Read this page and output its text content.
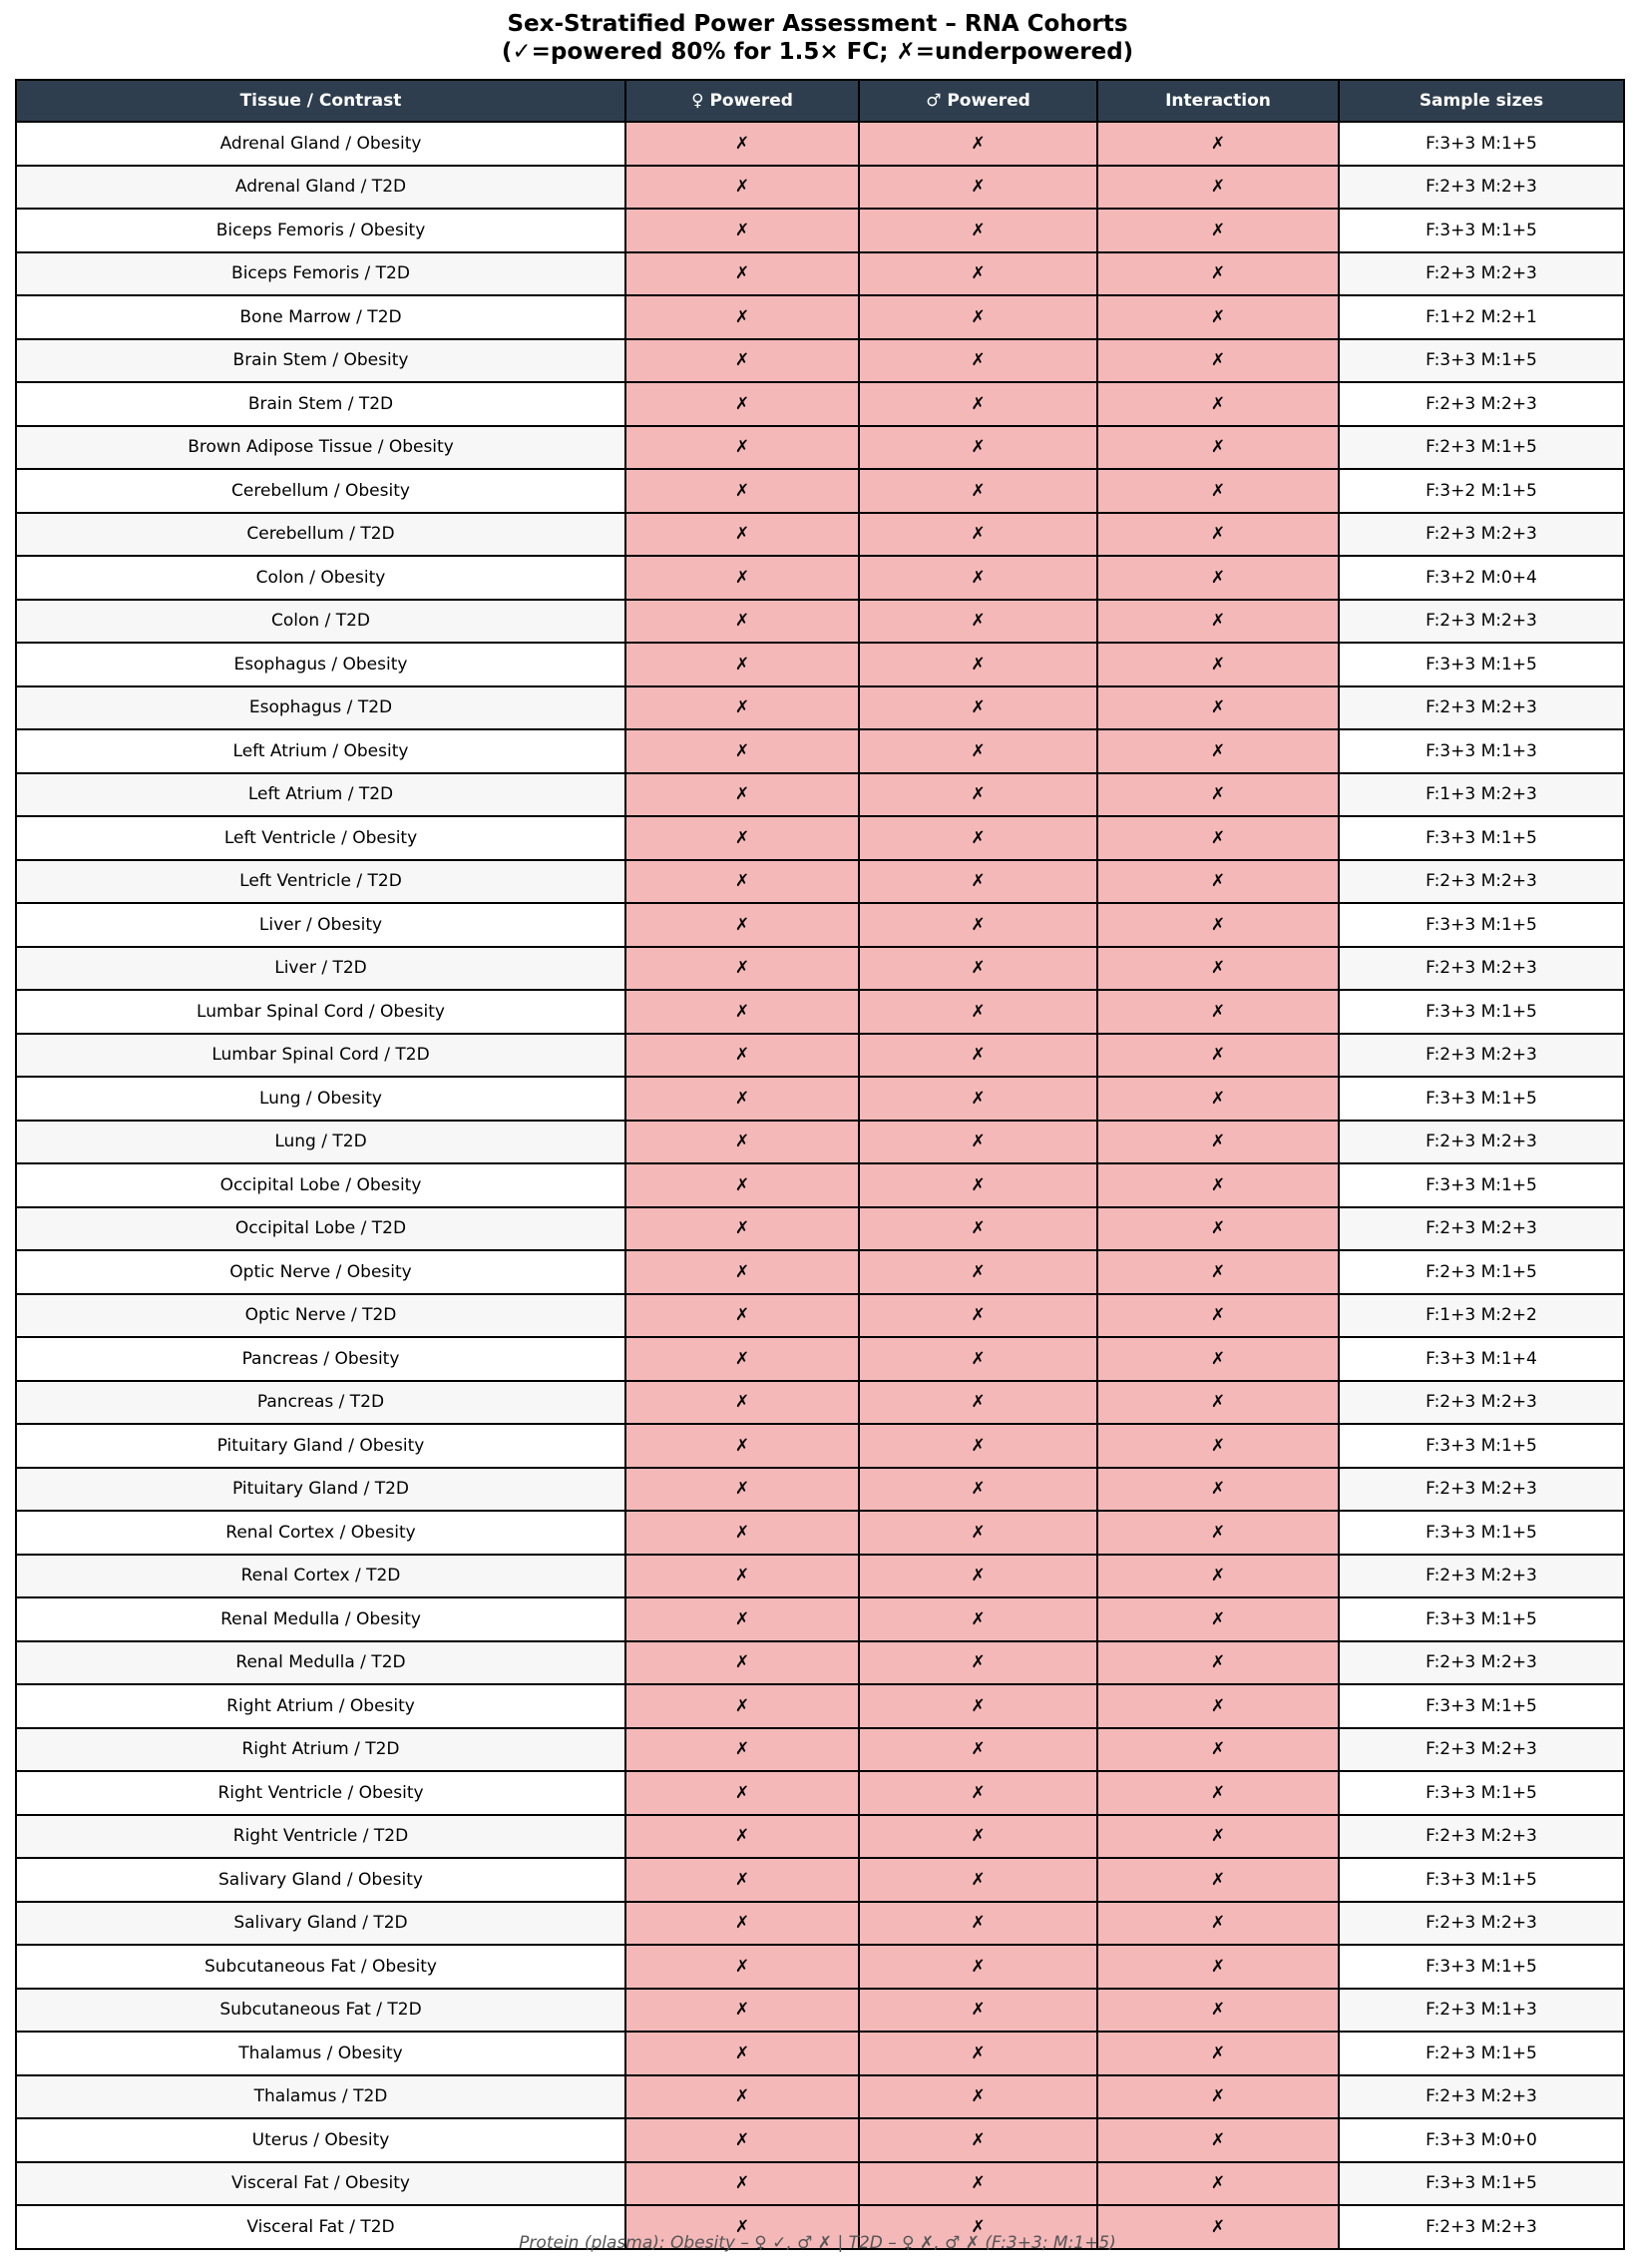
Sex-Stratified Power Assessment – RNA Cohorts
(✓=powered 80% for 1.5× FC; ✗=underpowered)
Tissue / Contrast	♀ Powered	♂ Powered	Interaction	Sample sizes
Adrenal Gland / Obesity	✗	✗	✗	F:3+3 M:1+5
Adrenal Gland / T2D	✗	✗	✗	F:2+3 M:2+3
Biceps Femoris / Obesity	✗	✗	✗	F:3+3 M:1+5
Biceps Femoris / T2D	✗	✗	✗	F:2+3 M:2+3
Bone Marrow / T2D	✗	✗	✗	F:1+2 M:2+1
Brain Stem / Obesity	✗	✗	✗	F:3+3 M:1+5
Brain Stem / T2D	✗	✗	✗	F:2+3 M:2+3
Brown Adipose Tissue / Obesity	✗	✗	✗	F:2+3 M:1+5
Cerebellum / Obesity	✗	✗	✗	F:3+2 M:1+5
Cerebellum / T2D	✗	✗	✗	F:2+3 M:2+3
Colon / Obesity	✗	✗	✗	F:3+2 M:0+4
Colon / T2D	✗	✗	✗	F:2+3 M:2+3
Esophagus / Obesity	✗	✗	✗	F:3+3 M:1+5
Esophagus / T2D	✗	✗	✗	F:2+3 M:2+3
Left Atrium / Obesity	✗	✗	✗	F:3+3 M:1+3
Left Atrium / T2D	✗	✗	✗	F:1+3 M:2+3
Left Ventricle / Obesity	✗	✗	✗	F:3+3 M:1+5
Left Ventricle / T2D	✗	✗	✗	F:2+3 M:2+3
Liver / Obesity	✗	✗	✗	F:3+3 M:1+5
Liver / T2D	✗	✗	✗	F:2+3 M:2+3
Lumbar Spinal Cord / Obesity	✗	✗	✗	F:3+3 M:1+5
Lumbar Spinal Cord / T2D	✗	✗	✗	F:2+3 M:2+3
Lung / Obesity	✗	✗	✗	F:3+3 M:1+5
Lung / T2D	✗	✗	✗	F:2+3 M:2+3
Occipital Lobe / Obesity	✗	✗	✗	F:3+3 M:1+5
Occipital Lobe / T2D	✗	✗	✗	F:2+3 M:2+3
Optic Nerve / Obesity	✗	✗	✗	F:2+3 M:1+5
Optic Nerve / T2D	✗	✗	✗	F:1+3 M:2+2
Pancreas / Obesity	✗	✗	✗	F:3+3 M:1+4
Pancreas / T2D	✗	✗	✗	F:2+3 M:2+3
Pituitary Gland / Obesity	✗	✗	✗	F:3+3 M:1+5
Pituitary Gland / T2D	✗	✗	✗	F:2+3 M:2+3
Renal Cortex / Obesity	✗	✗	✗	F:3+3 M:1+5
Renal Cortex / T2D	✗	✗	✗	F:2+3 M:2+3
Renal Medulla / Obesity	✗	✗	✗	F:3+3 M:1+5
Renal Medulla / T2D	✗	✗	✗	F:2+3 M:2+3
Right Atrium / Obesity	✗	✗	✗	F:3+3 M:1+5
Right Atrium / T2D	✗	✗	✗	F:2+3 M:2+3
Right Ventricle / Obesity	✗	✗	✗	F:3+3 M:1+5
Right Ventricle / T2D	✗	✗	✗	F:2+3 M:2+3
Salivary Gland / Obesity	✗	✗	✗	F:3+3 M:1+5
Salivary Gland / T2D	✗	✗	✗	F:2+3 M:2+3
Subcutaneous Fat / Obesity	✗	✗	✗	F:3+3 M:1+5
Subcutaneous Fat / T2D	✗	✗	✗	F:2+3 M:1+3
Thalamus / Obesity	✗	✗	✗	F:2+3 M:1+5
Thalamus / T2D	✗	✗	✗	F:2+3 M:2+3
Uterus / Obesity	✗	✗	✗	F:3+3 M:0+0
Visceral Fat / Obesity	✗	✗	✗	F:3+3 M:1+5
Visceral Fat / T2D	✗	✗	✗	F:2+3 M:2+3
Protein (plasma): Obesity – ♀ ✓, ♂ ✗ | T2D – ♀ ✗, ♂ ✗ (F:3+3; M:1+5)
